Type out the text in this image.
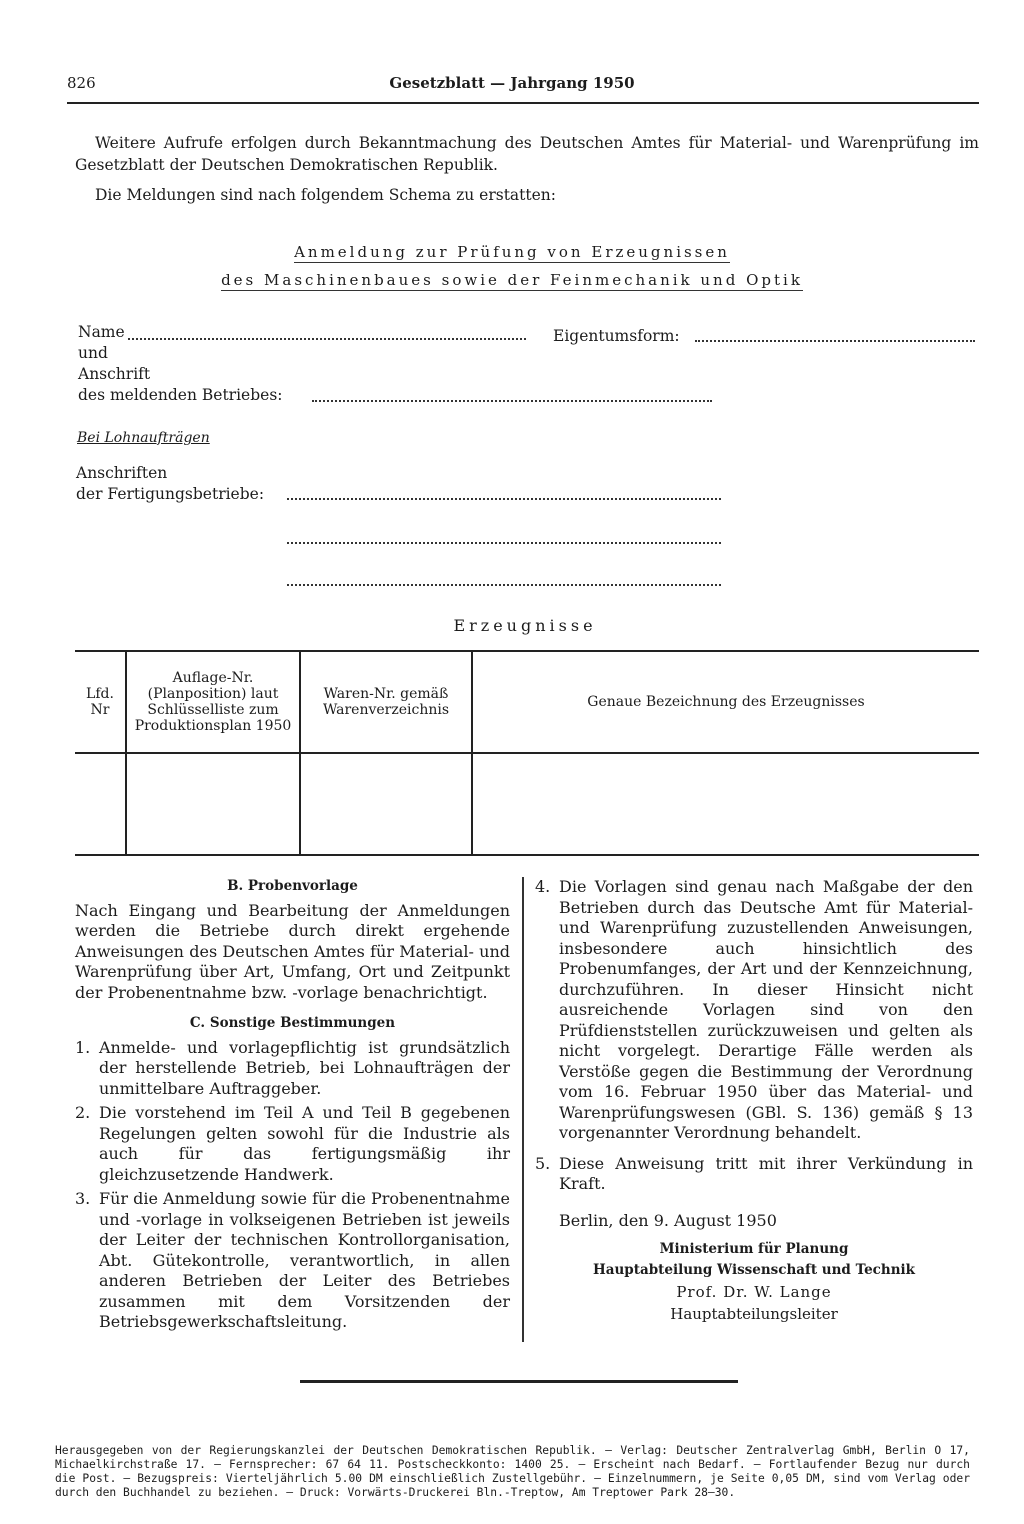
826	Gesetzblatt — Jahrgang 1950
Weitere Aufrufe erfolgen durch Bekanntmachung des Deutschen Amtes für Material- und Warenprüfung im Gesetzblatt der Deutschen Demokratischen Republik.
Die Meldungen sind nach folgendem Schema zu erstatten:
Anmeldung zur Prüfung von Erzeugnissen
des Maschinenbaues sowie der Feinmechanik und Optik
Name	Eigentumsform:
und
Anschrift
des meldenden Betriebes:
Bei Lohnaufträgen
Anschriften
der Fertigungsbetriebe:
Erzeugnisse
Lfd. Nr	Auflage-Nr. (Planposition) laut Schlüsselliste zum Produktionsplan 1950	Waren-Nr. gemäß Warenverzeichnis	Genaue Bezeichnung des Erzeugnisses

B. Probenvorlage
Nach Eingang und Bearbeitung der Anmeldungen werden die Betriebe durch direkt ergehende Anweisungen des Deutschen Amtes für Material- und Warenprüfung über Art, Umfang, Ort und Zeitpunkt der Probenentnahme bzw. -vorlage benachrichtigt.
C. Sonstige Bestimmungen
1. Anmelde- und vorlagepflichtig ist grundsätzlich der herstellende Betrieb, bei Lohnaufträgen der unmittelbare Auftraggeber.
2. Die vorstehend im Teil A und Teil B gegebenen Regelungen gelten sowohl für die Industrie als auch für das fertigungsmäßig ihr gleichzusetzende Handwerk.
3. Für die Anmeldung sowie für die Probenentnahme und -vorlage in volkseigenen Betrieben ist jeweils der Leiter der technischen Kontrollorganisation, Abt. Gütekontrolle, verantwortlich, in allen anderen Betrieben der Leiter des Betriebes zusammen mit dem Vorsitzenden der Betriebsgewerkschaftsleitung.
4. Die Vorlagen sind genau nach Maßgabe der den Betrieben durch das Deutsche Amt für Material- und Warenprüfung zuzustellenden Anweisungen, insbesondere auch hinsichtlich des Probenumfanges, der Art und der Kennzeichnung, durchzuführen. In dieser Hinsicht nicht ausreichende Vorlagen sind von den Prüfdienststellen zurückzuweisen und gelten als nicht vorgelegt. Derartige Fälle werden als Verstöße gegen die Bestimmung der Verordnung vom 16. Februar 1950 über das Material- und Warenprüfungswesen (GBl. S. 136) gemäß § 13 vorgenannter Verordnung behandelt.
5. Diese Anweisung tritt mit ihrer Verkündung in Kraft.
Berlin, den 9. August 1950
Ministerium für Planung
Hauptabteilung Wissenschaft und Technik
Prof. Dr. W. Lange
Hauptabteilungsleiter
Herausgegeben von der Regierungskanzlei der Deutschen Demokratischen Republik. — Verlag: Deutscher Zentralverlag GmbH, Berlin O 17, Michaelkirchstraße 17. — Fernsprecher: 67 64 11. Postscheckkonto: 1400 25. — Erscheint nach Bedarf. — Fortlaufender Bezug nur durch die Post. — Bezugspreis: Vierteljährlich 5.00 DM einschließlich Zustellgebühr. — Einzelnummern, je Seite 0,05 DM, sind vom Verlag oder durch den Buchhandel zu beziehen. — Druck: Vorwärts-Druckerei Bln.-Treptow, Am Treptower Park 28—30.
